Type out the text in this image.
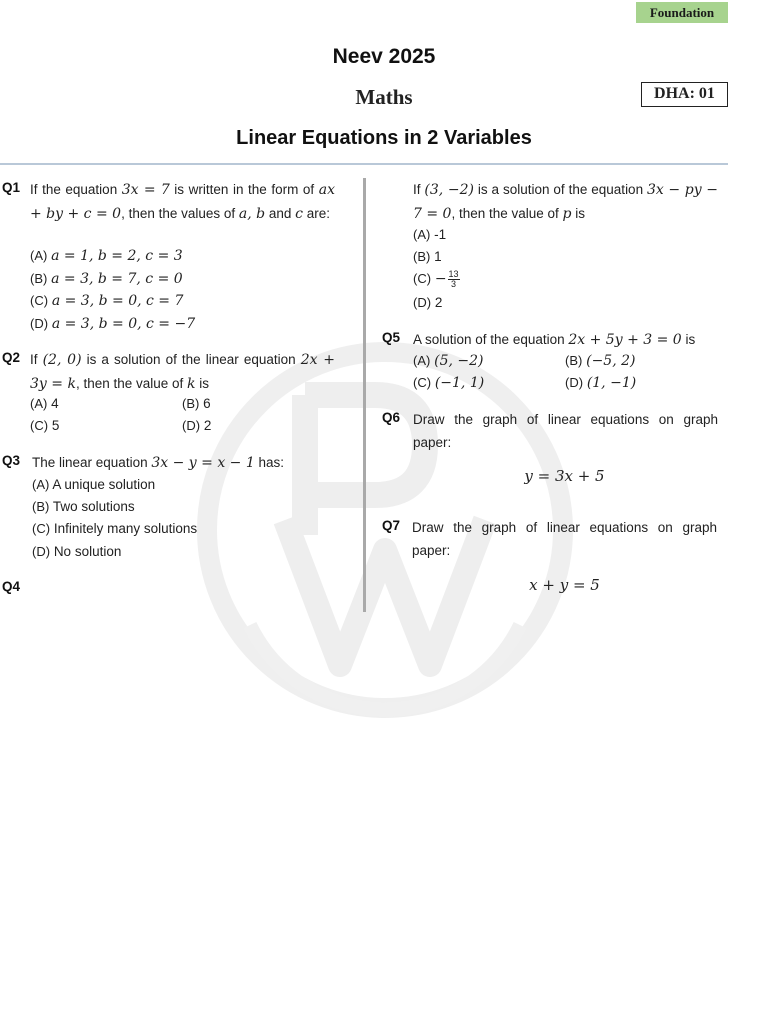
Foundation
Neev 2025
Maths	DHA: 01
Linear Equations in 2 Variables
Q1 If the equation 3x = 7 is written in the form of ax + by + c = 0, then the values of a, b and c are:
(A) a = 1, b = 2, c = 3
(B) a = 3, b = 7, c = 0
(C) a = 3, b = 0, c = 7
(D) a = 3, b = 0, c = −7
Q2 If (2, 0) is a solution of the linear equation 2x + 3y = k, then the value of k is
(A) 4	(B) 6
(C) 5	(D) 2
Q3 The linear equation 3x − y = x − 1 has:
(A) A unique solution
(B) Two solutions
(C) Infinitely many solutions
(D) No solution
Q4
If (3, −2) is a solution of the equation 3x − py − 7 = 0, then the value of p is
(A) -1
(B) 1
$(C) - \frac{13}{3}$
(D) 2
Q5 A solution of the equation 2x + 5y + 3 = 0 is
(A) (5, −2)	(B) (−5, 2)
(C) (−1, 1)	(D) (1, −1)
Q6 Draw the graph of linear equations on graph paper:
y = 3x + 5
Q7 Draw the graph of linear equations on graph paper:
x + y = 5
